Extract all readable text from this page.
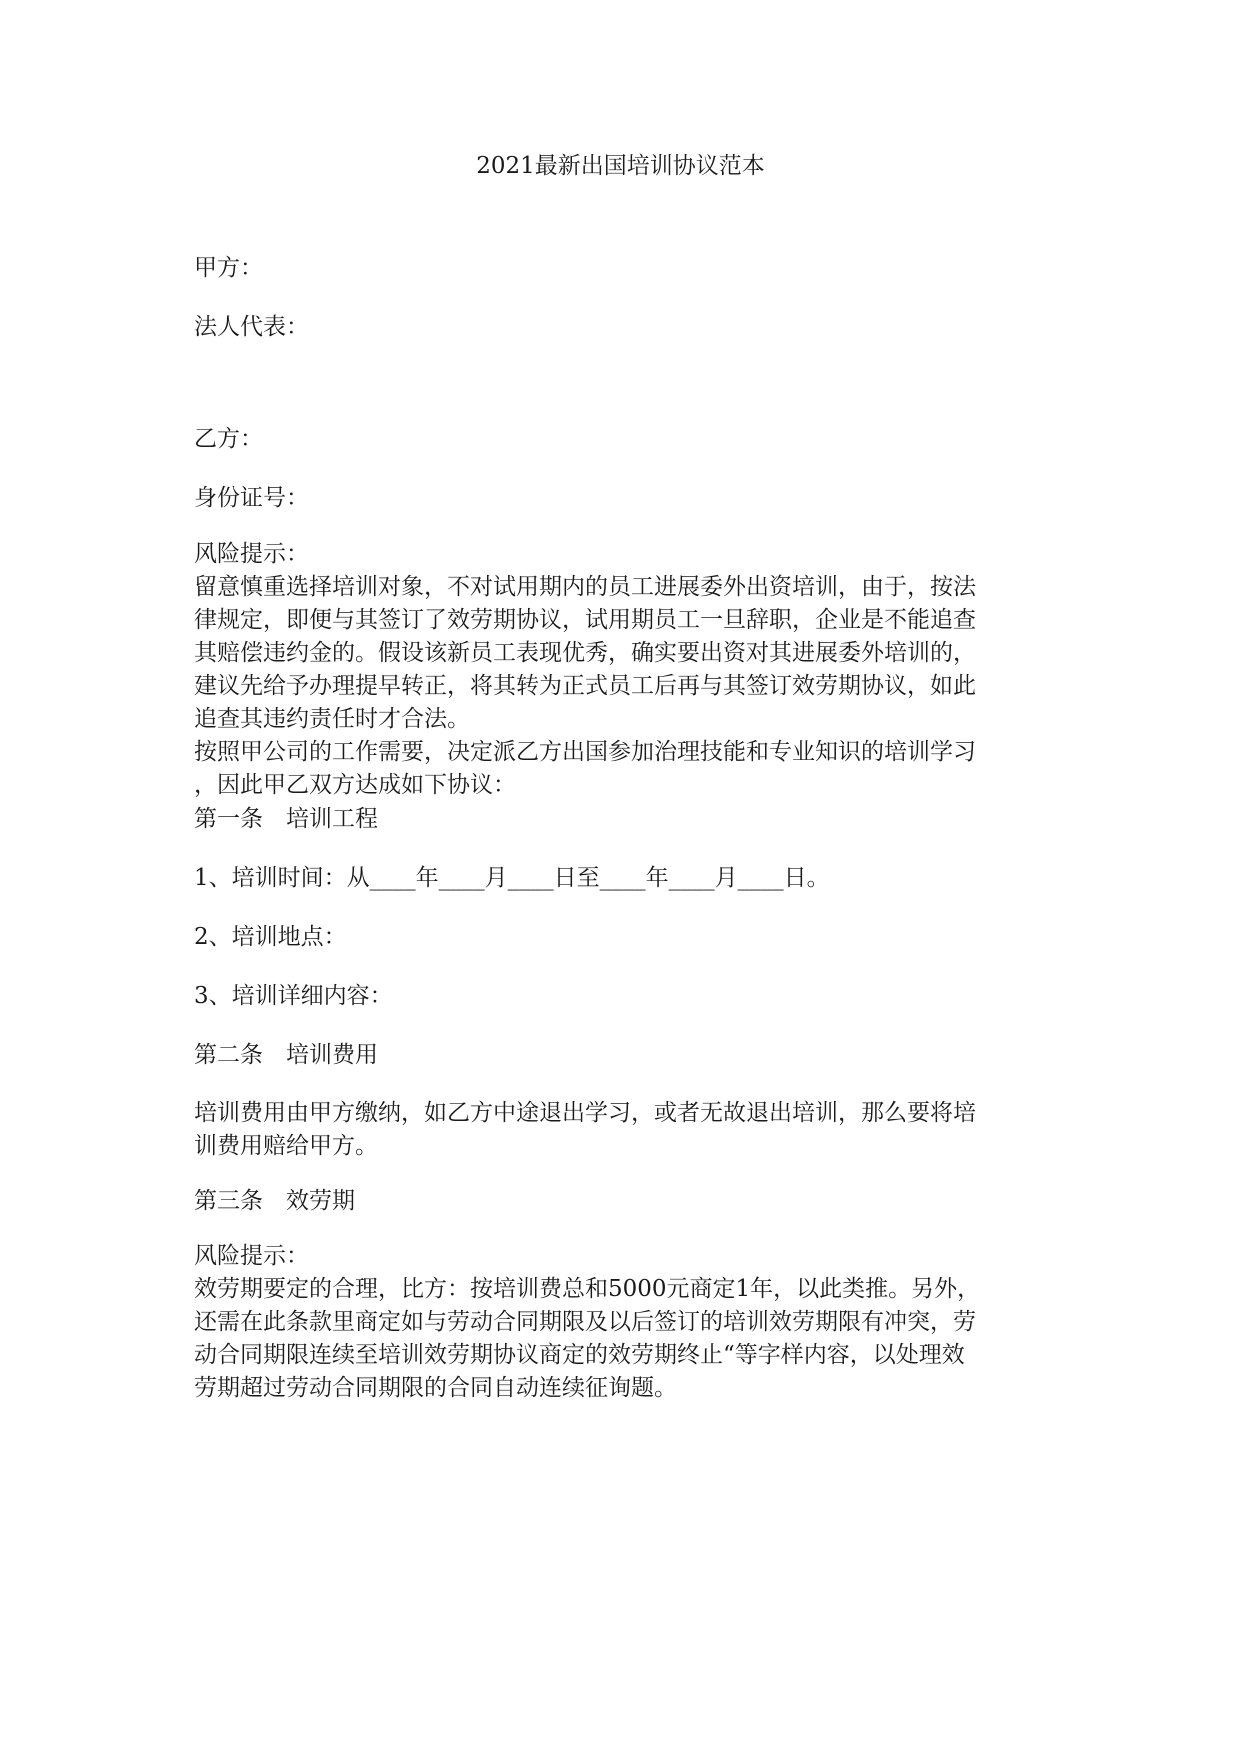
2021最新出国培训协议范本
甲方：
法人代表：
乙方：
身份证号：
风险提示：
留意慎重选择培训对象，不对试用期内的员工进展委外出资培训，由于，按法
律规定，即便与其签订了效劳期协议，试用期员工一旦辞职，企业是不能追查
其赔偿违约金的。假设该新员工表现优秀，确实要出资对其进展委外培训的，
建议先给予办理提早转正，将其转为正式员工后再与其签订效劳期协议，如此
追查其违约责任时才合法。
按照甲公司的工作需要，决定派乙方出国参加治理技能和专业知识的培训学习
，因此甲乙双方达成如下协议：
第一条　培训工程
1、培训时间：从____年____月____日至____年____月____日。
2、培训地点：
3、培训详细内容：
第二条　培训费用
培训费用由甲方缴纳，如乙方中途退出学习，或者无故退出培训，那么要将培
训费用赔给甲方。
第三条　效劳期
风险提示：
效劳期要定的合理，比方：按培训费总和5000元商定1年，以此类推。另外，
还需在此条款里商定如与劳动合同期限及以后签订的培训效劳期限有冲突，劳
动合同期限连续至培训效劳期协议商定的效劳期终止“等字样内容，以处理效
劳期超过劳动合同期限的合同自动连续征询题。
